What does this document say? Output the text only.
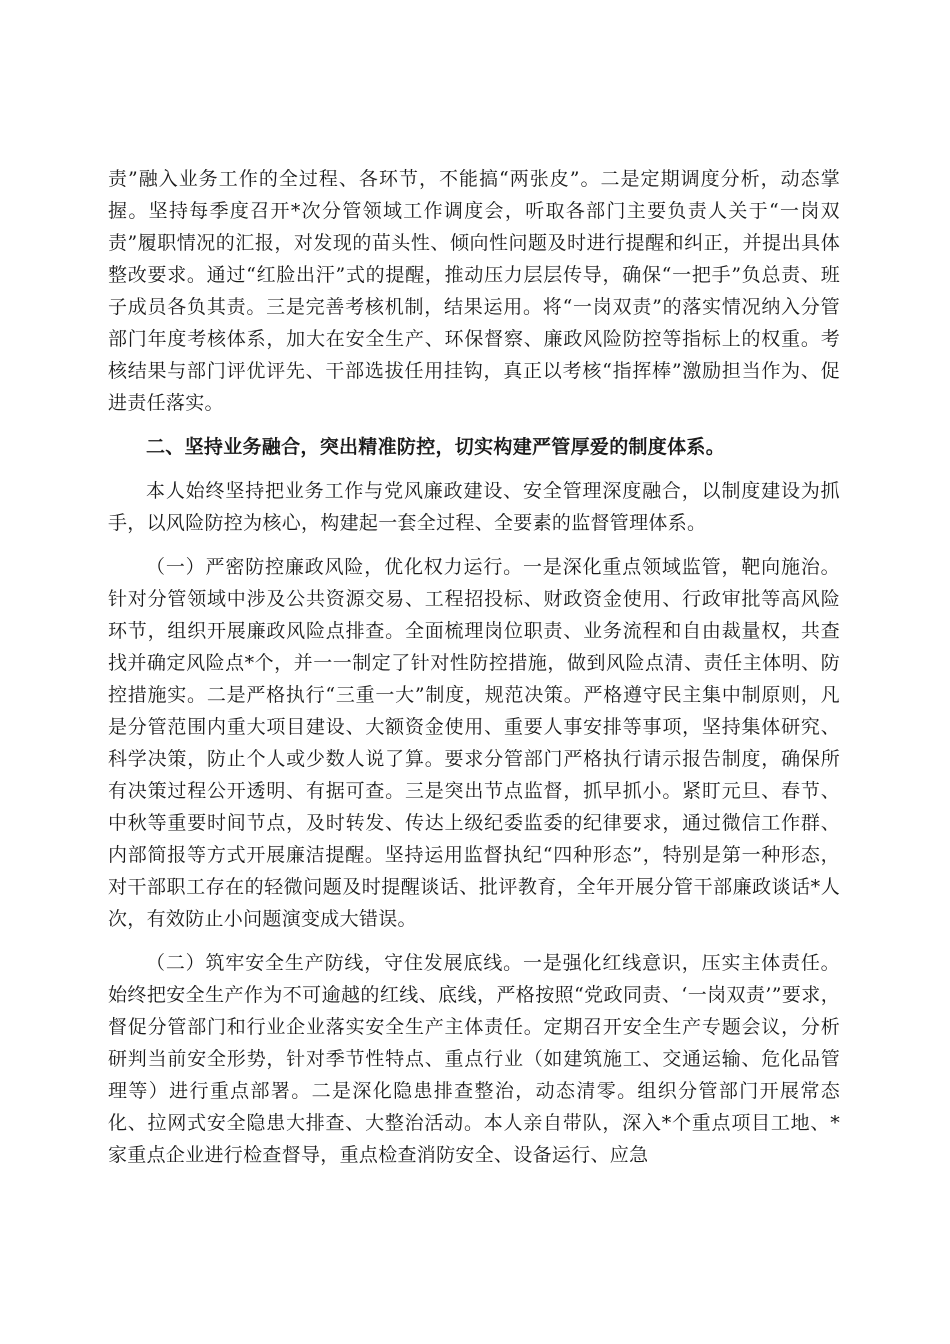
责”融入业务工作的全过程、各环节，不能搞“两张皮”。二是定期调度分析，动态掌握。坚持每季度召开*次分管领域工作调度会，听取各部门主要负责人关于“一岗双责”履职情况的汇报，对发现的苗头性、倾向性问题及时进行提醒和纠正，并提出具体整改要求。通过“红脸出汗”式的提醒，推动压力层层传导，确保“一把手”负总责、班子成员各负其责。三是完善考核机制，结果运用。将“一岗双责”的落实情况纳入分管部门年度考核体系，加大在安全生产、环保督察、廉政风险防控等指标上的权重。考核结果与部门评优评先、干部选拔任用挂钩，真正以考核“指挥棒”激励担当作为、促进责任落实。

二、坚持业务融合，突出精准防控，切实构建严管厚爱的制度体系。

本人始终坚持把业务工作与党风廉政建设、安全管理深度融合，以制度建设为抓手，以风险防控为核心，构建起一套全过程、全要素的监督管理体系。

（一）严密防控廉政风险，优化权力运行。一是深化重点领域监管，靶向施治。针对分管领域中涉及公共资源交易、工程招投标、财政资金使用、行政审批等高风险环节，组织开展廉政风险点排查。全面梳理岗位职责、业务流程和自由裁量权，共查找并确定风险点*个，并一一制定了针对性防控措施，做到风险点清、责任主体明、防控措施实。二是严格执行“三重一大”制度，规范决策。严格遵守民主集中制原则，凡是分管范围内重大项目建设、大额资金使用、重要人事安排等事项，坚持集体研究、科学决策，防止个人或少数人说了算。要求分管部门严格执行请示报告制度，确保所有决策过程公开透明、有据可查。三是突出节点监督，抓早抓小。紧盯元旦、春节、中秋等重要时间节点，及时转发、传达上级纪委监委的纪律要求，通过微信工作群、内部简报等方式开展廉洁提醒。坚持运用监督执纪“四种形态”，特别是第一种形态，对干部职工存在的轻微问题及时提醒谈话、批评教育，全年开展分管干部廉政谈话*人次，有效防止小问题演变成大错误。

（二）筑牢安全生产防线，守住发展底线。一是强化红线意识，压实主体责任。始终把安全生产作为不可逾越的红线、底线，严格按照“党政同责、‘一岗双责’”要求，督促分管部门和行业企业落实安全生产主体责任。定期召开安全生产专题会议，分析研判当前安全形势，针对季节性特点、重点行业（如建筑施工、交通运输、危化品管理等）进行重点部署。二是深化隐患排查整治，动态清零。组织分管部门开展常态化、拉网式安全隐患大排查、大整治活动。本人亲自带队，深入*个重点项目工地、*家重点企业进行检查督导，重点检查消防安全、设备运行、应急
